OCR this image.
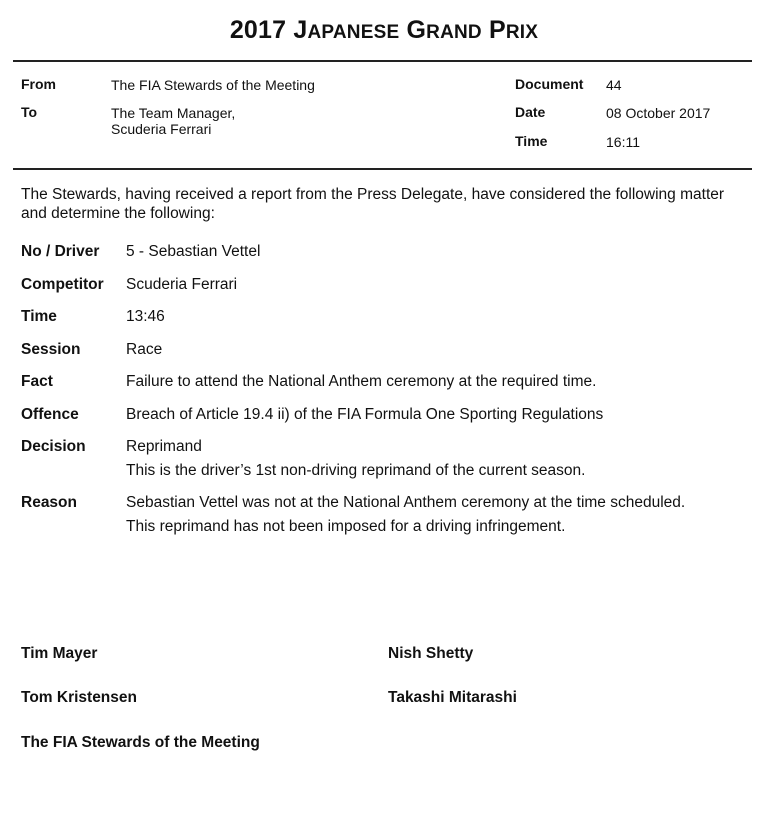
2017 JAPANESE GRAND PRIX
From	The FIA Stewards of the Meeting
To	The Team Manager,
Scuderia Ferrari
Document 44
Date	08 October 2017
Time	16:11
The Stewards, having received a report from the Press Delegate, have considered the following matter and determine the following:
No / Driver 5 - Sebastian Vettel
Competitor Scuderia Ferrari
Time	13:46
Session	Race
Fact	Failure to attend the National Anthem ceremony at the required time.
Offence	Breach of Article 19.4 ii) of the FIA Formula One Sporting Regulations
Decision	Reprimand
This is the driver’s 1st non-driving reprimand of the current season.
Reason	Sebastian Vettel was not at the National Anthem ceremony at the time scheduled.
This reprimand has not been imposed for a driving infringement.
Tim Mayer	Nish Shetty
Tom Kristensen	Takashi Mitarashi
The FIA Stewards of the Meeting
